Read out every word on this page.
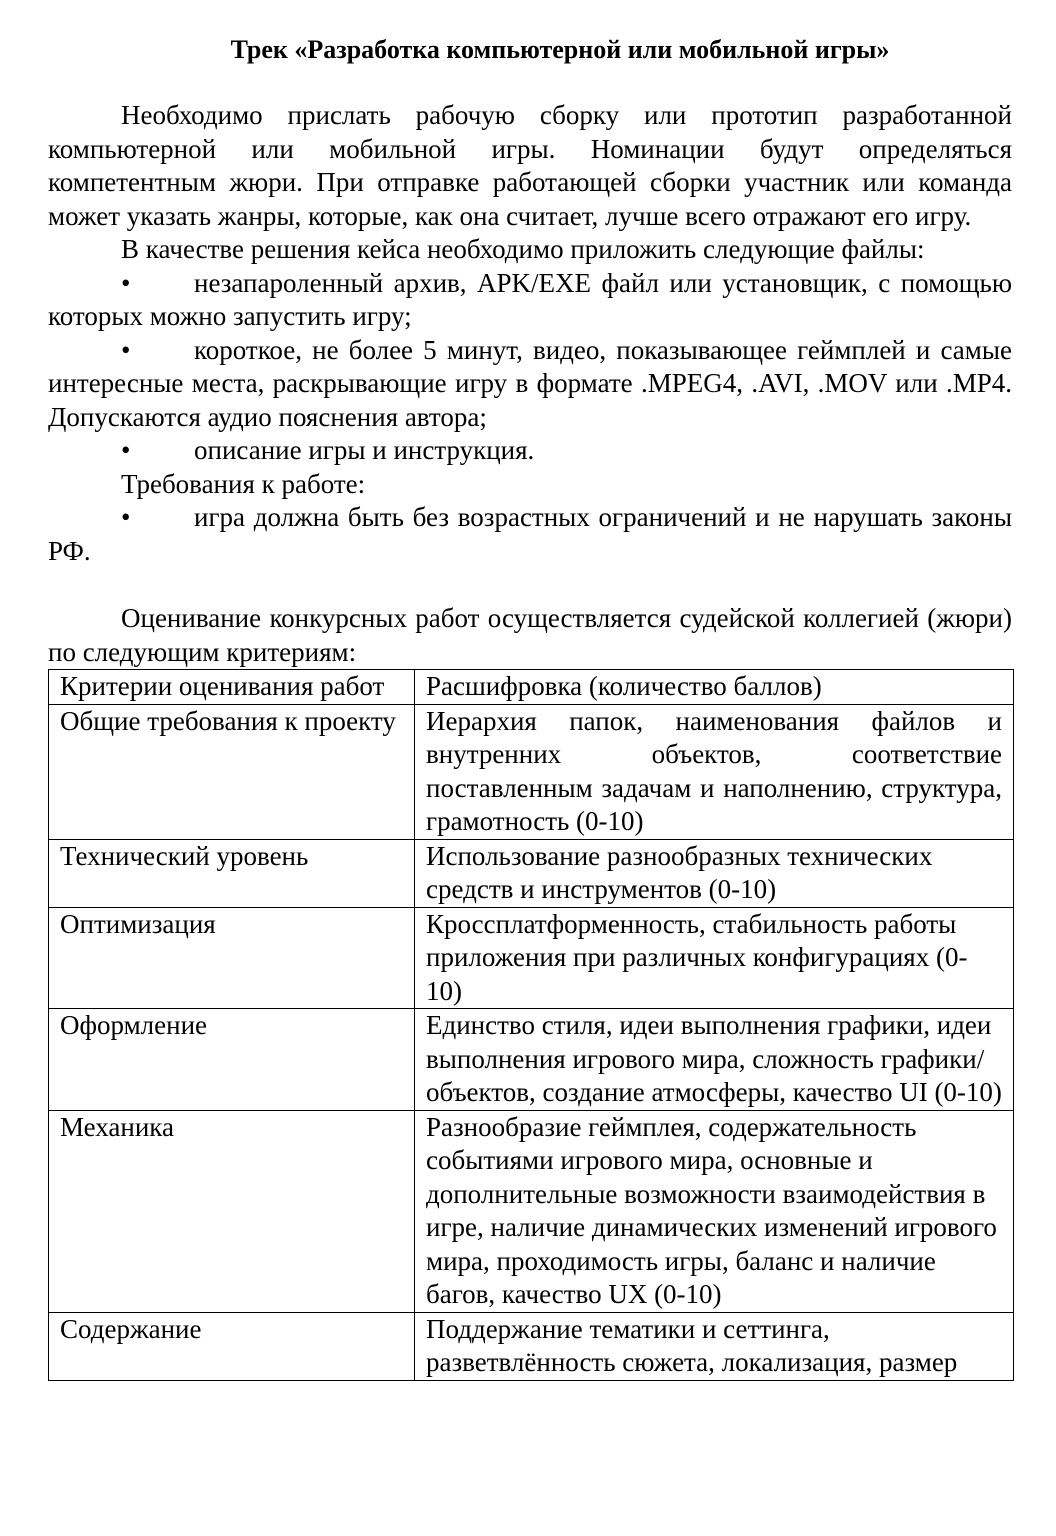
Трек «Разработка компьютерной или мобильной игры»

Необходимо прислать рабочую сборку или прототип разработанной компьютерной или мобильной игры. Номинации будут определяться компетентным жюри. При отправке работающей сборки участник или команда может указать жанры, которые, как она считает, лучше всего отражают его игру.

В качестве решения кейса необходимо приложить следующие файлы:

• незапароленный архив, APK/EXE файл или установщик, с помощью которых можно запустить игру;

• короткое, не более 5 минут, видео, показывающее геймплей и самые интересные места, раскрывающие игру в формате .MPEG4, .AVI, .MOV или .MP4. Допускаются аудио пояснения автора;

• описание игры и инструкция.

Требования к работе:

• игра должна быть без возрастных ограничений и не нарушать законы РФ.

Оценивание конкурсных работ осуществляется судейской коллегией (жюри) по следующим критериям:

Критерии оценивания работ	Расшифровка (количество баллов)
Общие требования к проекту	Иерархия папок, наименования файлов и внутренних объектов, соответствие поставленным задачам и наполнению, структура, грамотность (0-10)
Технический уровень	Использование разнообразных технических средств и инструментов (0-10)
Оптимизация	Кроссплатформенность, стабильность работы приложения при различных конфигурациях (0-10)
Оформление	Единство стиля, идеи выполнения графики, идеи выполнения игрового мира, сложность графики/объектов, создание атмосферы, качество UI (0-10)
Механика	Разнообразие геймплея, содержательность событиями игрового мира, основные и дополнительные возможности взаимодействия в игре, наличие динамических изменений игрового мира, проходимость игры, баланс и наличие багов, качество UX (0-10)
Содержание	Поддержание тематики и сеттинга, разветвлённость сюжета, локализация, размер
